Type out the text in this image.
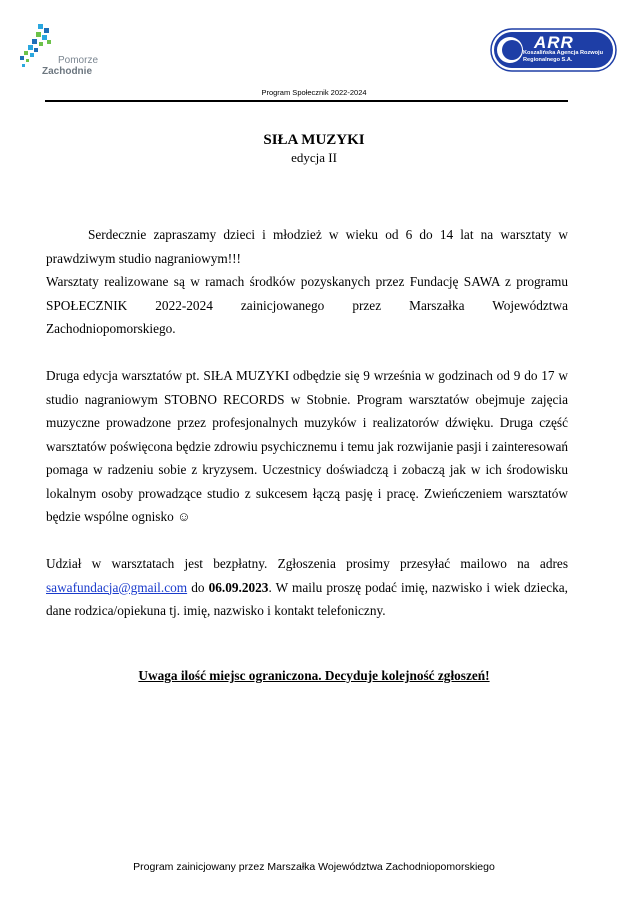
Pomorze
Zachodnie
ARR
Koszalińska Agencja Rozwoju Regionalnego S.A.
Program Społecznik 2022-2024
SIŁA MUZYKI
edycja II

Serdecznie zapraszamy dzieci i młodzież w wieku od 6 do 14 lat na warsztaty w prawdziwym studio nagraniowym!!!

Warsztaty realizowane są w ramach środków pozyskanych przez Fundację SAWA z programu SPOŁECZNIK 2022-2024 zainicjowanego przez Marszałka Województwa Zachodniopomorskiego.

Druga edycja warsztatów pt. SIŁA MUZYKI odbędzie się 9 września w godzinach od 9 do 17 w studio nagraniowym STOBNO RECORDS w Stobnie. Program warsztatów obejmuje zajęcia muzyczne prowadzone przez profesjonalnych muzyków i realizatorów dźwięku. Druga część warsztatów poświęcona będzie zdrowiu psychicznemu i temu jak rozwijanie pasji i zainteresowań pomaga w radzeniu sobie z kryzysem. Uczestnicy doświadczą i zobaczą jak w ich środowisku lokalnym osoby prowadzące studio z sukcesem łączą pasję i pracę. Zwieńczeniem warsztatów będzie wspólne ognisko ☺

Udział w warsztatach jest bezpłatny. Zgłoszenia prosimy przesyłać mailowo na adres sawafundacja@gmail.com do 06.09.2023. W mailu proszę podać imię, nazwisko i wiek dziecka, dane rodzica/opiekuna tj. imię, nazwisko i kontakt telefoniczny.

Uwaga ilość miejsc ograniczona. Decyduje kolejność zgłoszeń!
Program zainicjowany przez Marszałka Województwa Zachodniopomorskiego
